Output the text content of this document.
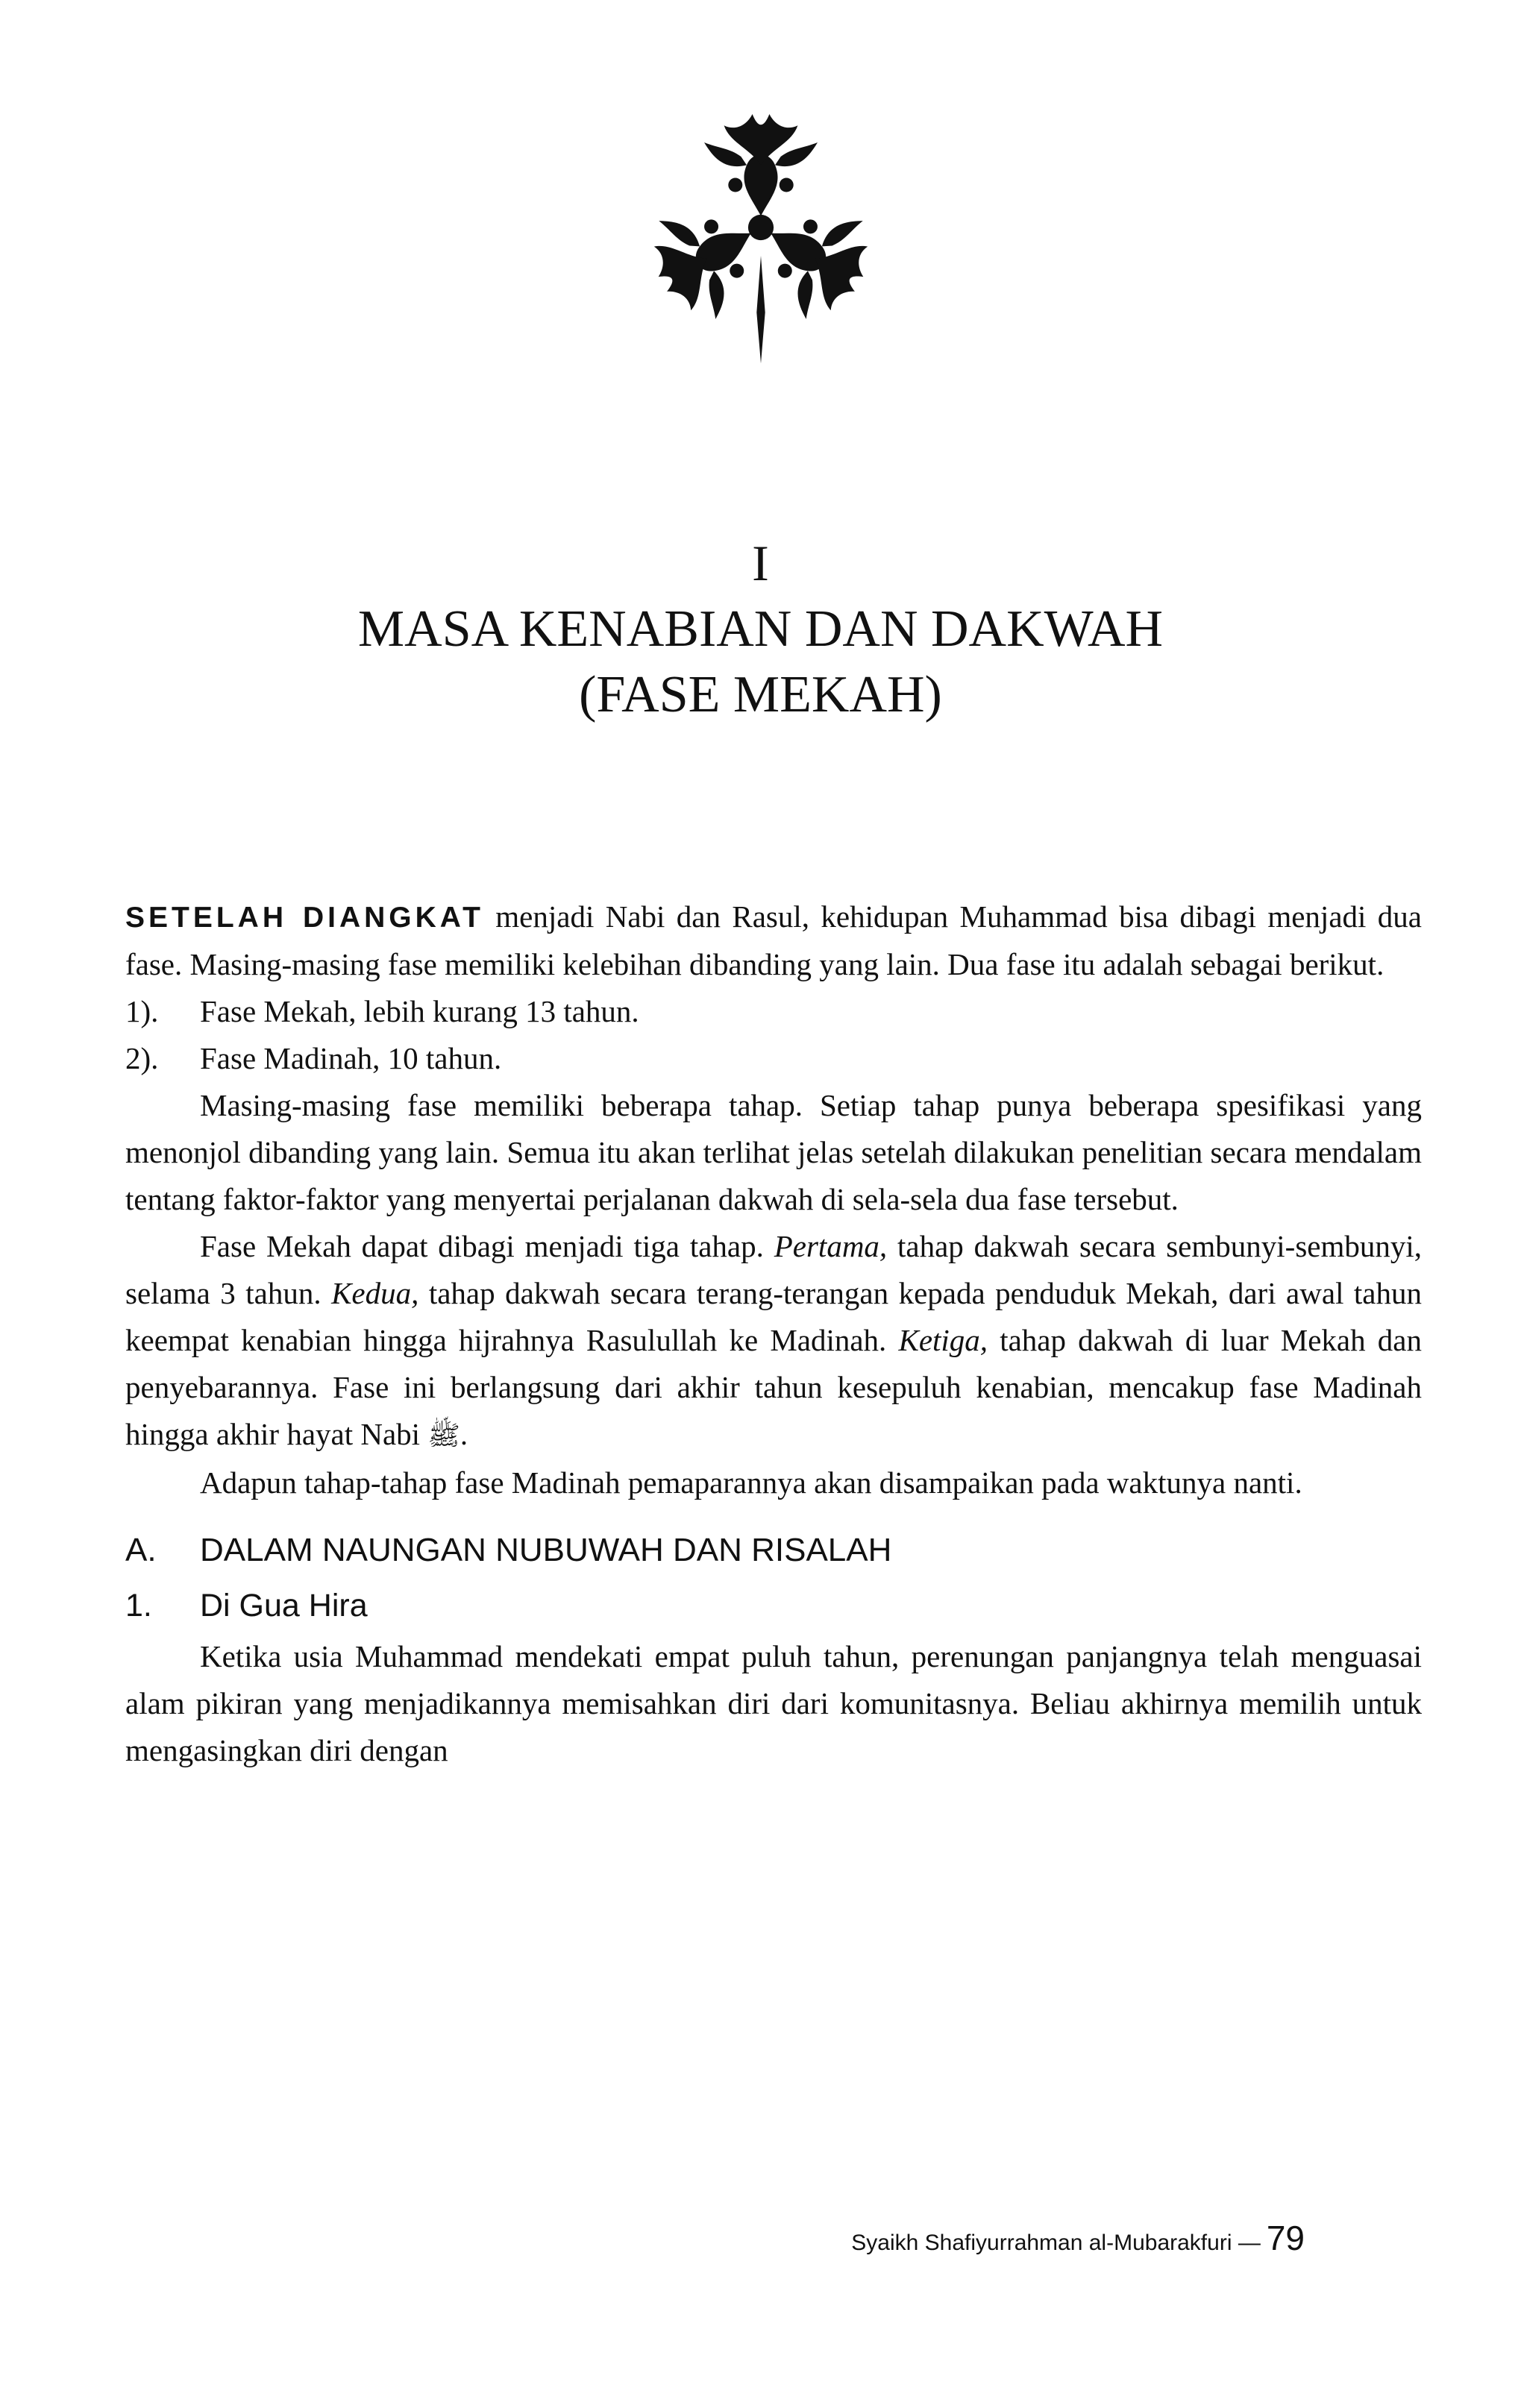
I
MASA KENABIAN DAN DAKWAH
(FASE MEKAH)

SETELAH DIANGKAT menjadi Nabi dan Rasul, kehidupan Muhammad bisa dibagi menjadi dua fase. Masing-masing fase memiliki kelebihan dibanding yang lain. Dua fase itu adalah sebagai berikut.

1).	Fase Mekah, lebih kurang 13 tahun.
2).	Fase Madinah, 10 tahun.

Masing-masing fase memiliki beberapa tahap. Setiap tahap punya beberapa spesifikasi yang menonjol dibanding yang lain. Semua itu akan terlihat jelas setelah dilakukan penelitian secara mendalam tentang faktor-faktor yang menyertai perjalanan dakwah di sela-sela dua fase tersebut.

Fase Mekah dapat dibagi menjadi tiga tahap. Pertama, tahap dakwah secara sembunyi-sembunyi, selama 3 tahun. Kedua, tahap dakwah secara terang-terangan kepada penduduk Mekah, dari awal tahun keempat kenabian hingga hijrahnya Rasulullah ke Madinah. Ketiga, tahap dakwah di luar Mekah dan penyebarannya. Fase ini berlangsung dari akhir tahun kesepuluh kenabian, mencakup fase Madinah hingga akhir hayat Nabi ﷺ.

Adapun tahap-tahap fase Madinah pemaparannya akan disampaikan pada waktunya nanti.

A.	DALAM NAUNGAN NUBUWAH DAN RISALAH
1.	Di Gua Hira

Ketika usia Muhammad mendekati empat puluh tahun, perenungan panjangnya telah menguasai alam pikiran yang menjadikannya memisahkan diri dari komunitasnya. Beliau akhirnya memilih untuk mengasingkan diri dengan

Syaikh Shafiyurrahman al-Mubarakfuri — 79
